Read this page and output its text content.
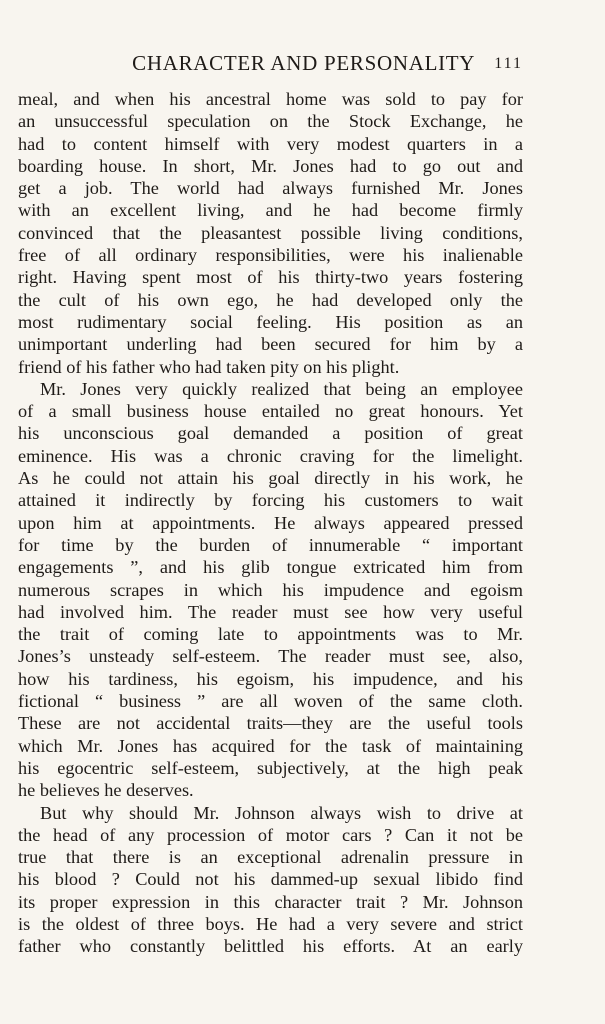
CHARACTER AND PERSONALITY 111
meal, and when his ancestral home was sold to pay for
an unsuccessful speculation on the Stock Exchange, he
had to content himself with very modest quarters in a
boarding house. In short, Mr. Jones had to go out and
get a job. The world had always furnished Mr. Jones
with an excellent living, and he had become firmly
convinced that the pleasantest possible living conditions,
free of all ordinary responsibilities, were his inalienable
right. Having spent most of his thirty-two years fostering
the cult of his own ego, he had developed only the
most rudimentary social feeling. His position as an
unimportant underling had been secured for him by a
friend of his father who had taken pity on his plight.
Mr. Jones very quickly realized that being an employee
of a small business house entailed no great honours. Yet
his unconscious goal demanded a position of great
eminence. His was a chronic craving for the limelight.
As he could not attain his goal directly in his work, he
attained it indirectly by forcing his customers to wait
upon him at appointments. He always appeared pressed
for time by the burden of innumerable “ important
engagements ”, and his glib tongue extricated him from
numerous scrapes in which his impudence and egoism
had involved him. The reader must see how very useful
the trait of coming late to appointments was to Mr.
Jones’s unsteady self-esteem. The reader must see, also,
how his tardiness, his egoism, his impudence, and his
fictional “ business ” are all woven of the same cloth.
These are not accidental traits—they are the useful tools
which Mr. Jones has acquired for the task of maintaining
his egocentric self-esteem, subjectively, at the high peak
he believes he deserves.
But why should Mr. Johnson always wish to drive at
the head of any procession of motor cars ? Can it not be
true that there is an exceptional adrenalin pressure in
his blood ? Could not his dammed-up sexual libido find
its proper expression in this character trait ? Mr. Johnson
is the oldest of three boys. He had a very severe and strict
father who constantly belittled his efforts. At an early
